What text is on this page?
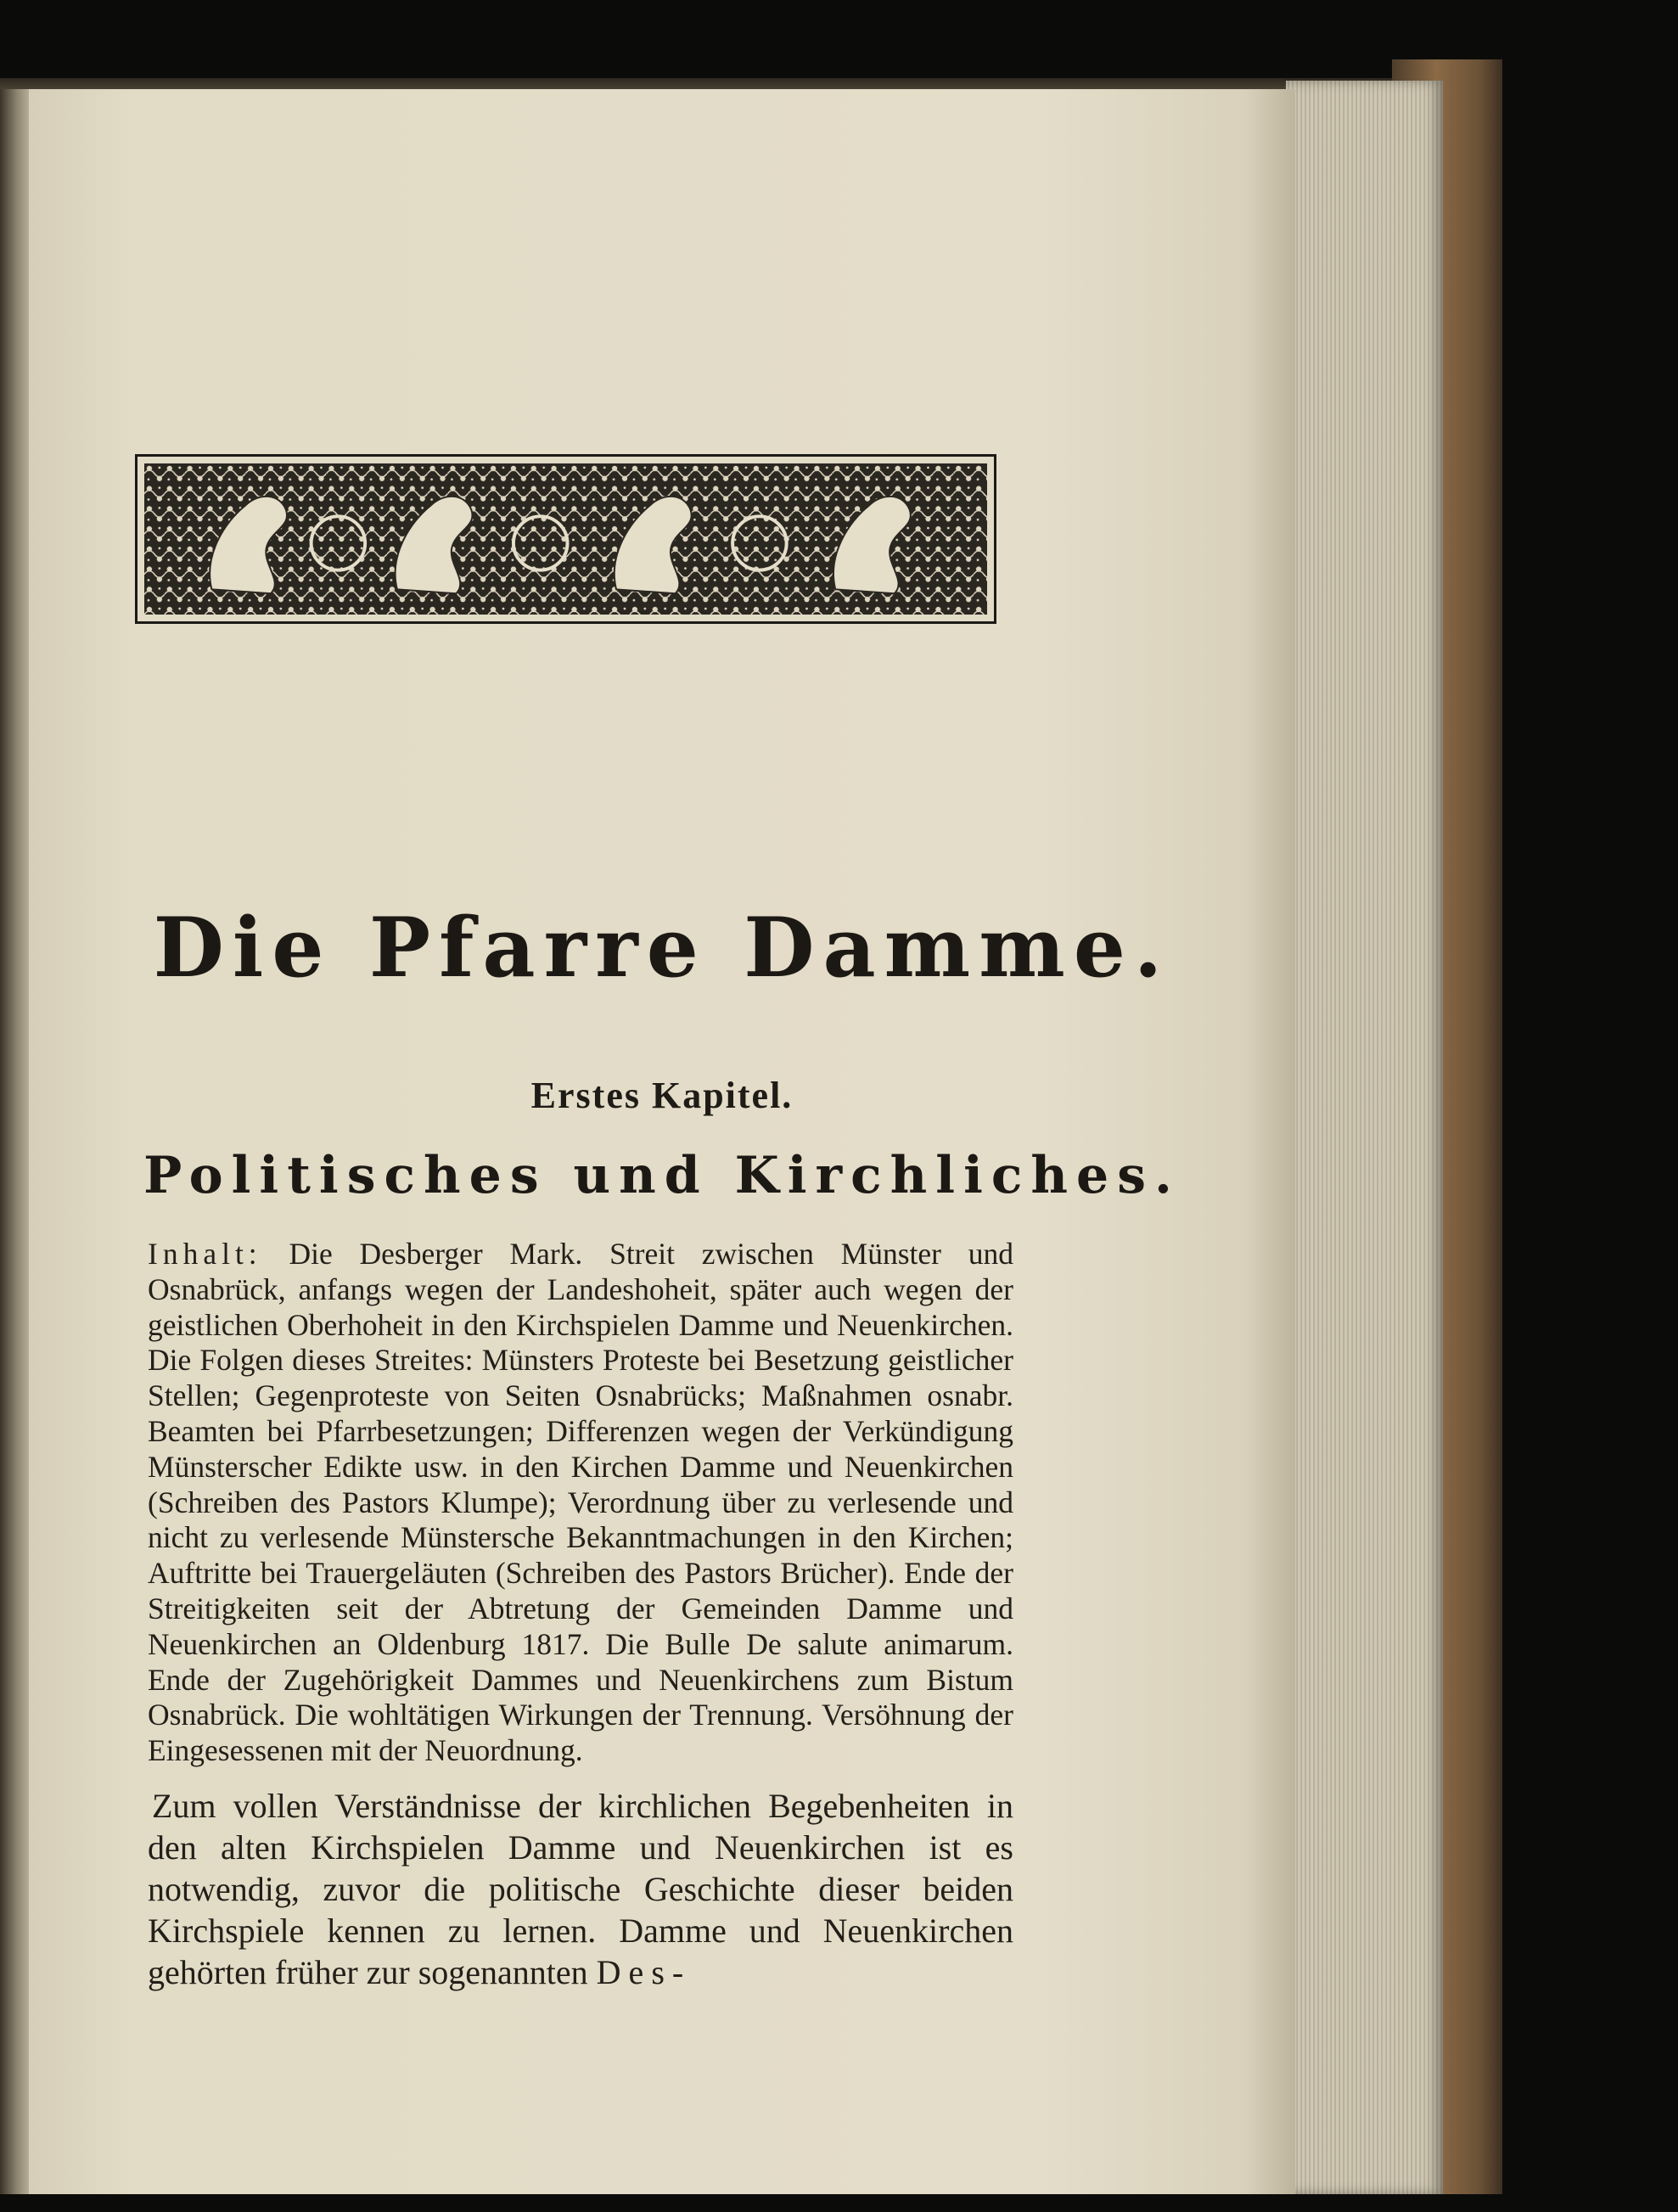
Die Pfarre Damme.
Erstes Kapitel.
Politisches und Kirchliches.

Inhalt: Die Desberger Mark. Streit zwischen Münster und Osnabrück, anfangs wegen der Landeshoheit, später auch wegen der geistlichen Oberhoheit in den Kirchspielen Damme und Neuenkirchen. Die Folgen dieses Streites: Münsters Proteste bei Besetzung geistlicher Stellen; Gegenproteste von Seiten Osnabrücks; Maßnahmen osnabr. Beamten bei Pfarrbesetzungen; Differenzen wegen der Verkündigung Münsterscher Edikte usw. in den Kirchen Damme und Neuenkirchen (Schreiben des Pastors Klumpe); Verordnung über zu verlesende und nicht zu verlesende Münstersche Bekanntmachungen in den Kirchen; Auftritte bei Trauergeläuten (Schreiben des Pastors Brücher). Ende der Streitigkeiten seit der Abtretung der Gemeinden Damme und Neuenkirchen an Oldenburg 1817. Die Bulle De salute animarum. Ende der Zugehörigkeit Dammes und Neuenkirchens zum Bistum Osnabrück. Die wohltätigen Wirkungen der Trennung. Versöhnung der Eingesessenen mit der Neuordnung.

Zum vollen Verständnisse der kirchlichen Begebenheiten in den alten Kirchspielen Damme und Neuenkirchen ist es notwendig, zuvor die politische Geschichte dieser beiden Kirchspiele kennen zu lernen. Damme und Neuenkirchen gehörten früher zur sogenannten Des-
